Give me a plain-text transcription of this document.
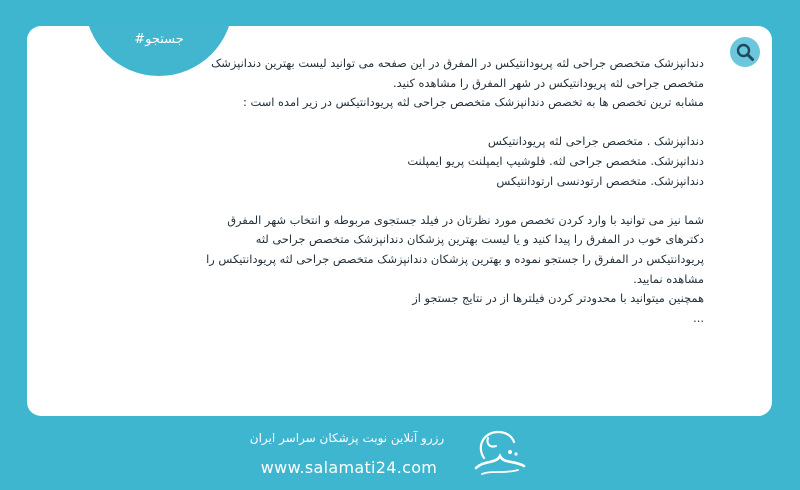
#جستجو

دندانپزشک متخصص جراحی لثه پریودانتیکس در المفرق در این صفحه می توانید لیست بهترین دندانپزشک متخصص جراحی لثه پریودانتیکس در شهر المفرق را مشاهده کنید.

مشابه ترین تخصص ها به تخصص دندانپزشک متخصص جراحی لثه پریودانتیکس در زیر امده است :

دندانپزشک . متخصص جراحی لثه پریودانتیکس

دندانپزشک. متخصص جراحی لثه. فلوشیپ ایمپلنت پریو ایمپلنت

دندانپزشک. متخصص ارتودنسی ارتودانتیکس

شما نیز می توانید با وارد کردن تخصص مورد نظرتان در فیلد جستجوی مربوطه و انتخاب شهر المفرق دکترهای خوب در المفرق را پیدا کنید و یا لیست بهترین پزشکان دندانپزشک متخصص جراحی لثه پریودانتیکس در المفرق را جستجو نموده و بهترین پزشکان دندانپزشک متخصص جراحی لثه پریودانتیکس را مشاهده نمایید.

همچنین میتوانید با محدودتر کردن فیلترها از در نتایج جستجو از

...

رزرو آنلاین نوبت پزشکان سراسر ایران
www.salamati24.com
